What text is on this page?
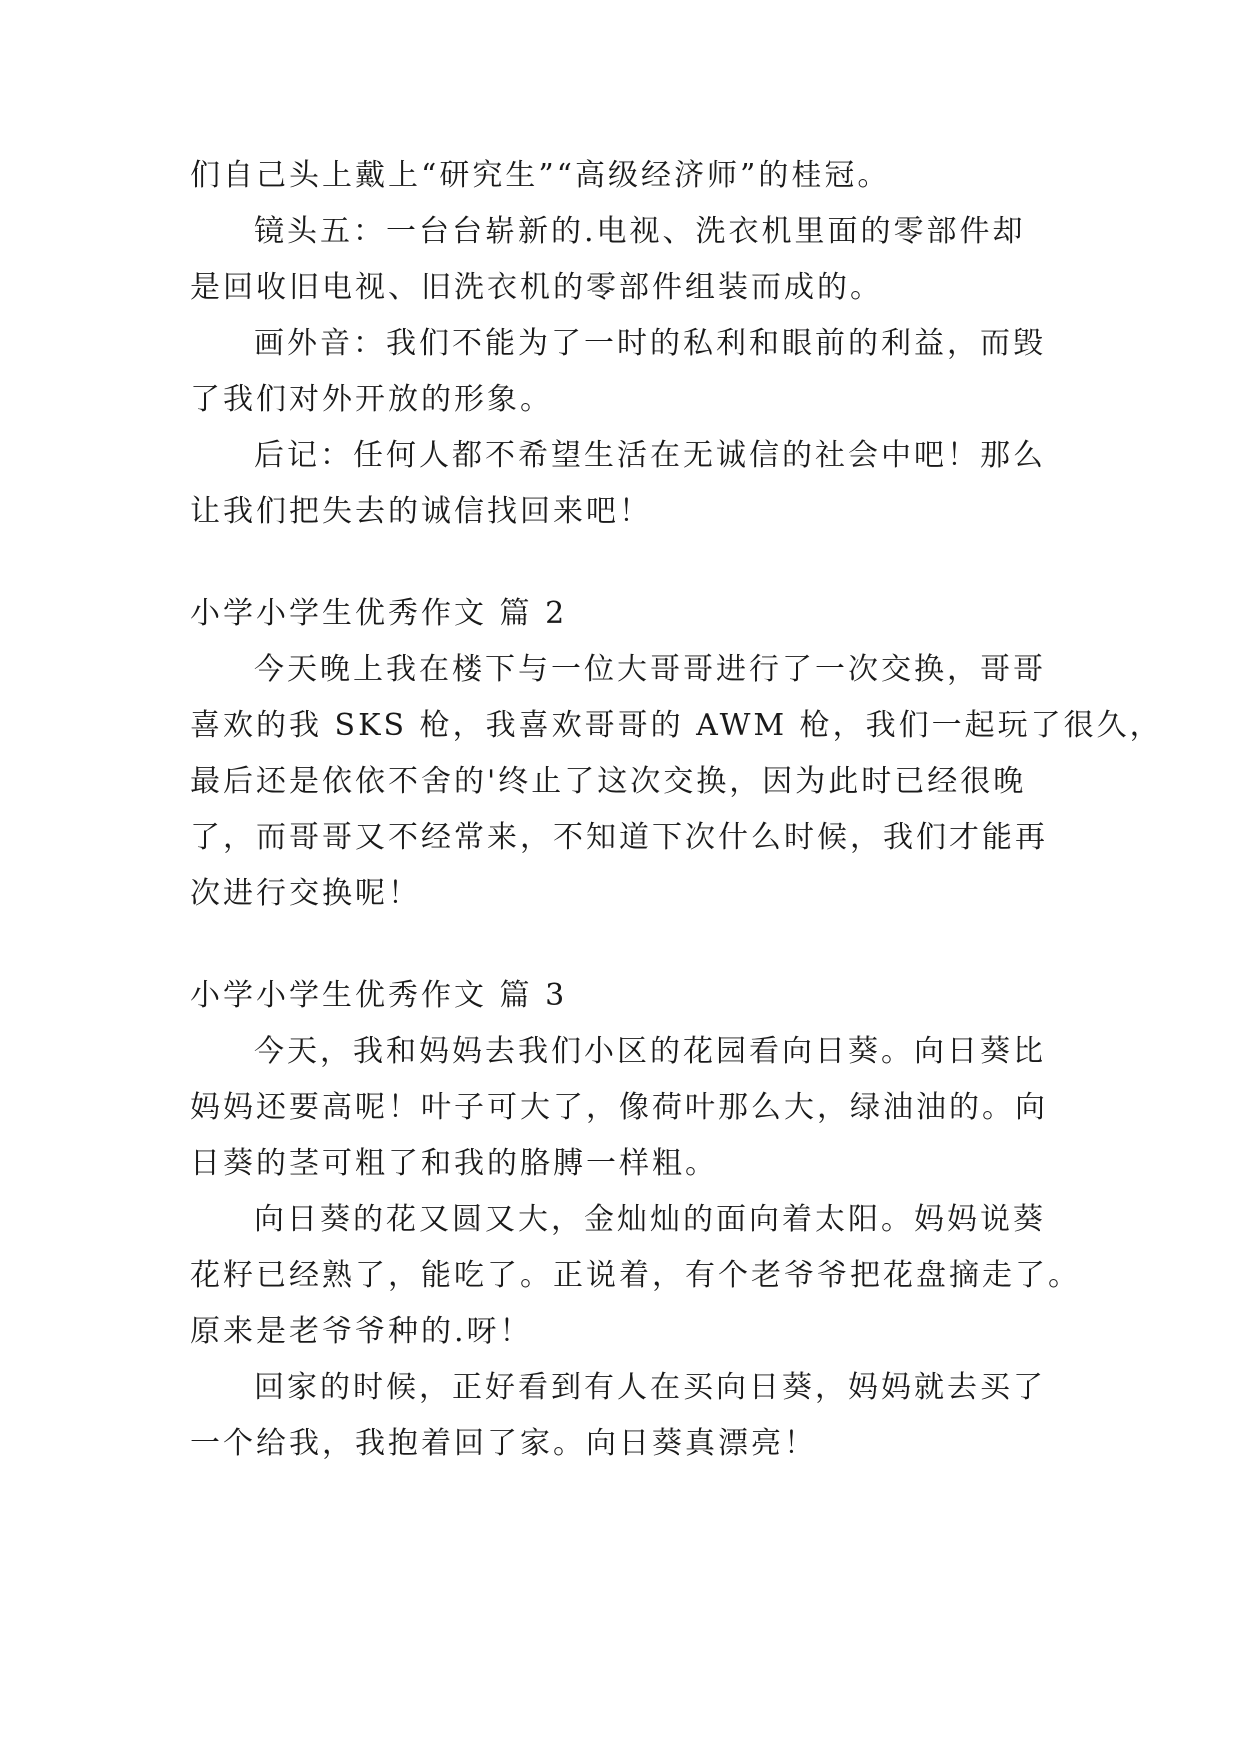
们自己头上戴上“研究生”“高级经济师”的桂冠。
镜头五：一台台崭新的.电视、洗衣机里面的零部件却
是回收旧电视、旧洗衣机的零部件组装而成的。
画外音：我们不能为了一时的私利和眼前的利益，而毁
了我们对外开放的形象。
后记：任何人都不希望生活在无诚信的社会中吧！那么
让我们把失去的诚信找回来吧！
小学小学生优秀作文 篇 2
今天晚上我在楼下与一位大哥哥进行了一次交换，哥哥
喜欢的我 SKS 枪，我喜欢哥哥的 AWM 枪，我们一起玩了很久，
最后还是依依不舍的'终止了这次交换，因为此时已经很晚
了，而哥哥又不经常来，不知道下次什么时候，我们才能再
次进行交换呢！
小学小学生优秀作文 篇 3
今天，我和妈妈去我们小区的花园看向日葵。向日葵比
妈妈还要高呢！叶子可大了，像荷叶那么大，绿油油的。向
日葵的茎可粗了和我的胳膊一样粗。
向日葵的花又圆又大，金灿灿的面向着太阳。妈妈说葵
花籽已经熟了，能吃了。正说着，有个老爷爷把花盘摘走了。
原来是老爷爷种的.呀！
回家的时候，正好看到有人在买向日葵，妈妈就去买了
一个给我，我抱着回了家。向日葵真漂亮！
